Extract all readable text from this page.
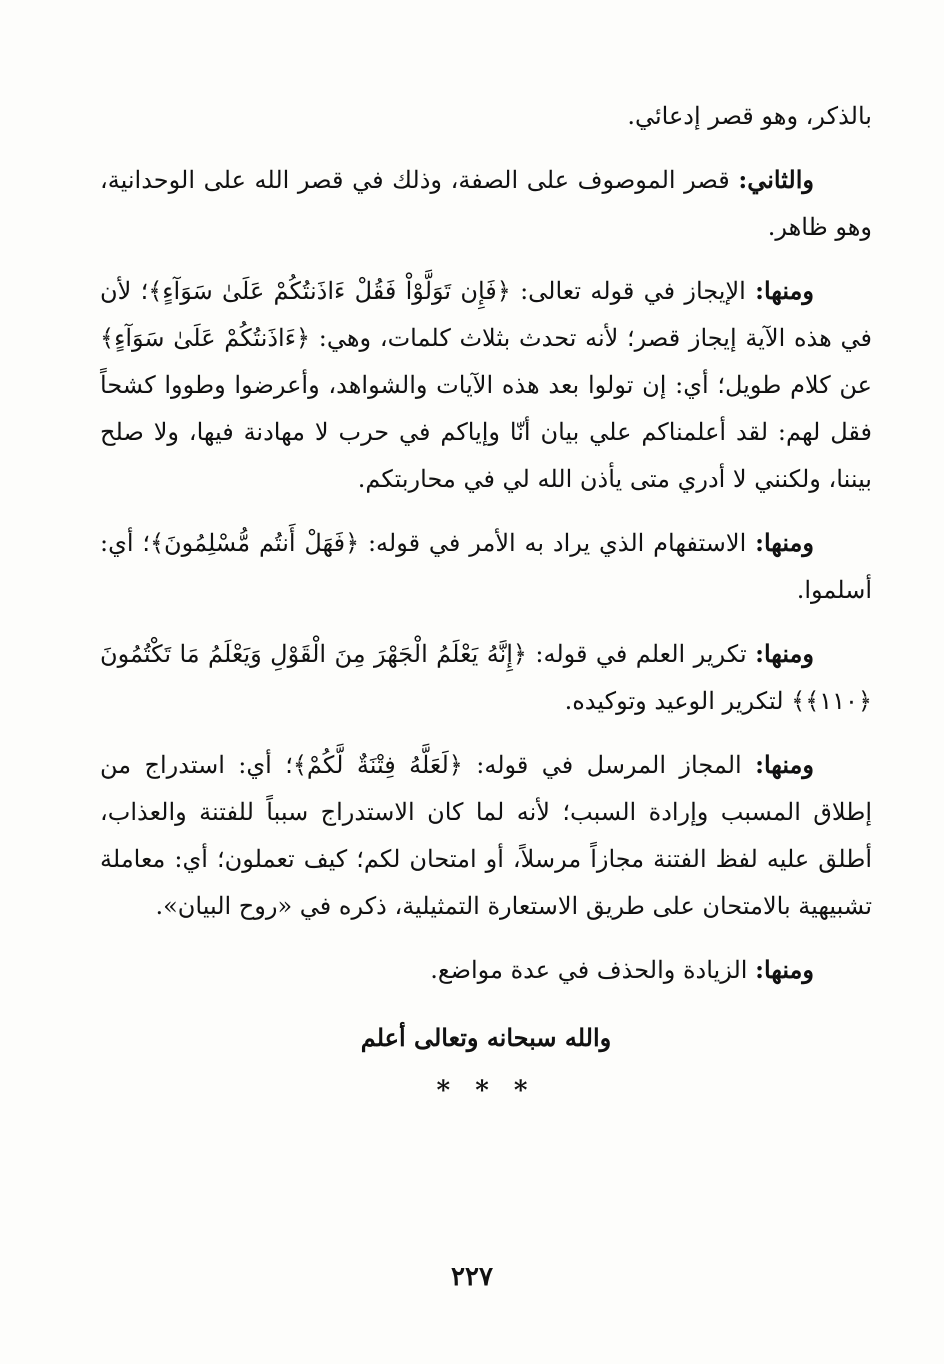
بالذكر، وهو قصر إدعائي.

والثاني: قصر الموصوف على الصفة، وذلك في قصر الله على الوحدانية، وهو ظاهر.

ومنها: الإيجاز في قوله تعالى: ﴿فَإِن تَوَلَّوْاْ فَقُلْ ءَاذَنتُكُمْ عَلَىٰ سَوَآءٍ﴾؛ لأن في هذه الآية إيجاز قصر؛ لأنه تحدث بثلاث كلمات، وهي: ﴿ءَاذَنتُكُمْ عَلَىٰ سَوَآءٍ﴾ عن كلام طويل؛ أي: إن تولوا بعد هذه الآيات والشواهد، وأعرضوا وطووا كشحاً فقل لهم: لقد أعلمناكم علي بيان أنّا وإياكم في حرب لا مهادنة فيها، ولا صلح بيننا، ولكنني لا أدري متى يأذن الله لي في محاربتكم.

ومنها: الاستفهام الذي يراد به الأمر في قوله: ﴿فَهَلْ أَنتُم مُّسْلِمُونَ﴾؛ أي: أسلموا.

ومنها: تكرير العلم في قوله: ﴿إِنَّهُ يَعْلَمُ الْجَهْرَ مِنَ الْقَوْلِ وَيَعْلَمُ مَا تَكْتُمُونَ ﴿١١٠﴾﴾ لتكرير الوعيد وتوكيده.

ومنها: المجاز المرسل في قوله: ﴿لَعَلَّهُ فِتْنَةٌ لَّكُمْ﴾؛ أي: استدراج من إطلاق المسبب وإرادة السبب؛ لأنه لما كان الاستدراج سبباً للفتنة والعذاب، أطلق عليه لفظ الفتنة مجازاً مرسلاً، أو امتحان لكم؛ كيف تعملون؛ أي: معاملة تشبيهية بالامتحان على طريق الاستعارة التمثيلية، ذكره في «روح البيان».

ومنها: الزيادة والحذف في عدة مواضع.

والله سبحانه وتعالى أعلم
* * *
٢٢٧
